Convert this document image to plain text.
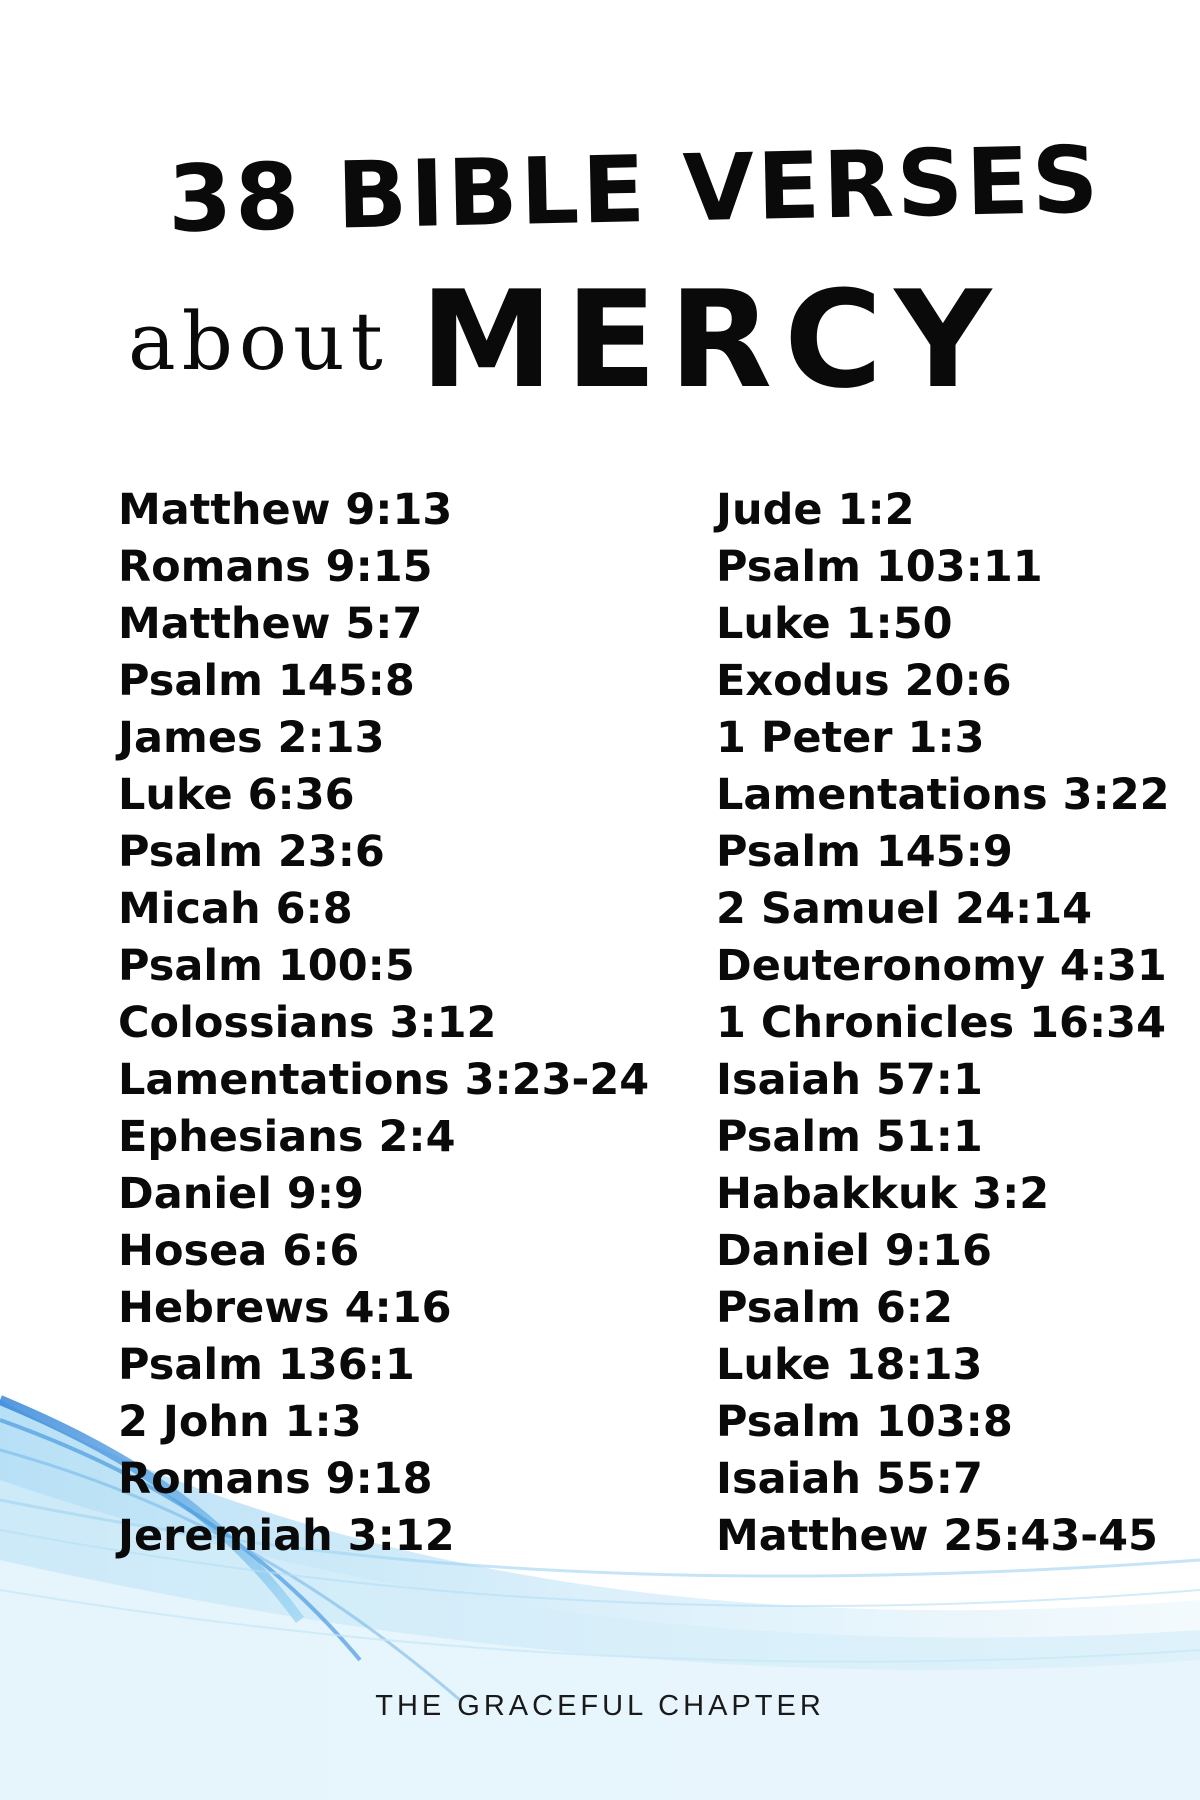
38 BIBLE VERSES
about MERCY
Matthew 9:13
Romans 9:15
Matthew 5:7
Psalm 145:8
James 2:13
Luke 6:36
Psalm 23:6
Micah 6:8
Psalm 100:5
Colossians 3:12
Lamentations 3:23-24
Ephesians 2:4
Daniel 9:9
Hosea 6:6
Hebrews 4:16
Psalm 136:1
2 John 1:3
Romans 9:18
Jeremiah 3:12
Jude 1:2
Psalm 103:11
Luke 1:50
Exodus 20:6
1 Peter 1:3
Lamentations 3:22
Psalm 145:9
2 Samuel 24:14
Deuteronomy 4:31
1 Chronicles 16:34
Isaiah 57:1
Psalm 51:1
Habakkuk 3:2
Daniel 9:16
Psalm 6:2
Luke 18:13
Psalm 103:8
Isaiah 55:7
Matthew 25:43-45
THE GRACEFUL CHAPTER
